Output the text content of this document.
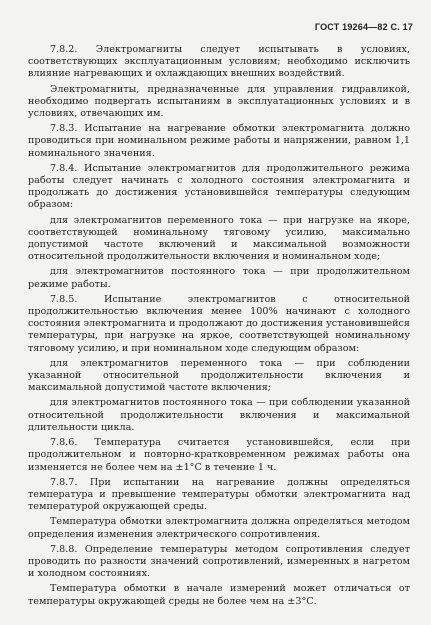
ГОСТ 19264—82 С. 17

7.8.2. Электромагниты следует испытывать в условиях, соответствующих эксплуатационным условиям; необходимо исключить влияние нагревающих и охлаждающих внешних воздействий.

Электромагниты, предназначенные для управления гидравликой, необходимо подвергать испытаниям в эксплуатационных условиях и в условиях, отвечающих им.

7.8.3. Испытание на нагревание обмотки электромагнита должно проводиться при номинальном режиме работы и напряжении, равном 1,1 номинального значения.

7.8.4. Испытание электромагнитов для продолжительного режима работы следует начинать с холодного состояния электромагнита и продолжать до достижения установившейся температуры следующим образом:

для электромагнитов переменного тока — при нагрузке на якоре, соответствующей номинальному тяговому усилию, максимально допустимой частоте включений и максимальной возможности относительной продолжительности включения и номинальном ходе;

для электромагнитов постоянного тока — при продолжительном режиме работы.

7.8.5. Испытание электромагнитов с относительной продолжительностью включения менее 100% начинают с холодного состояния электромагнита и продолжают до достижения установившейся температуры, при нагрузке на яркое, соответствующей номинальному тяговому усилию, и при номинальном ходе следующим образом:

для электромагнитов переменного тока — при соблюдении указанной относительной продолжительности включения и максимальной допустимой частоте включения;

для электромагнитов постоянного тока — при соблюдении указанной относительной продолжительности включения и максимальной длительности цикла.

7.8.6. Температура считается установившейся, если при продолжительном и повторно-кратковременном режимах работы она изменяется не более чем на ±1°С в течение 1 ч.

7.8.7. При испытании на нагревание должны определяться температура и превышение температуры обмотки электромагнита над температурой окружающей среды.

Температура обмотки электромагнита должна определяться методом определения изменения электрического сопротивления.

7.8.8. Определение температуры методом сопротивления следует проводить по разности значений сопротивлений, измеренных в нагретом и холодном состояниях.

Температура обмотки в начале измерений может отличаться от температуры окружающей среды не более чем на ±3°С.
